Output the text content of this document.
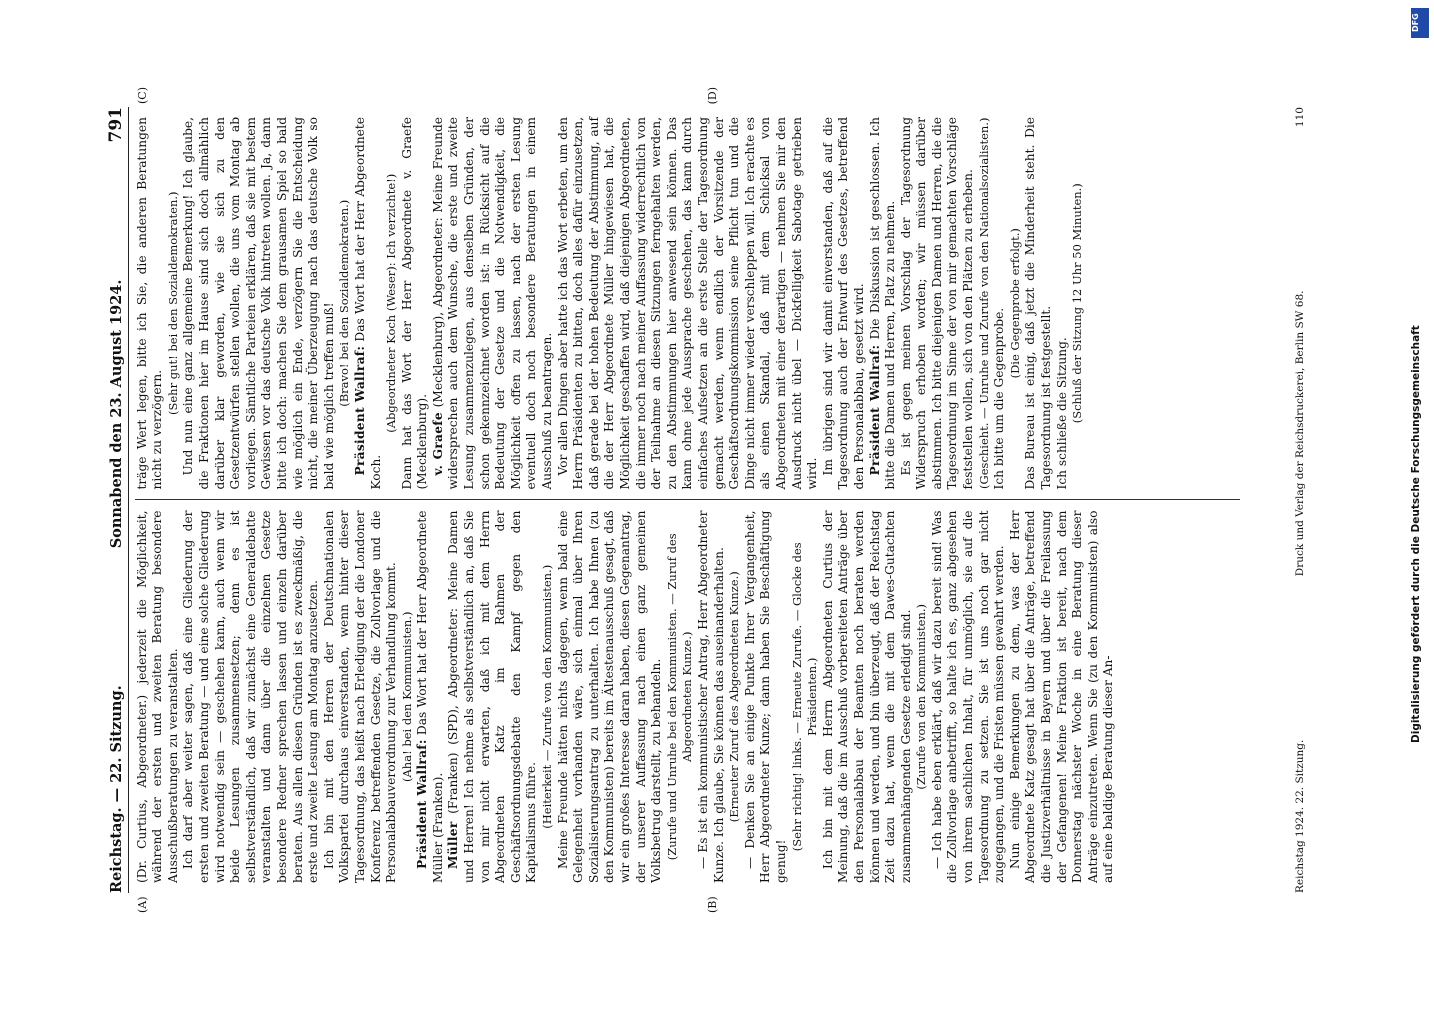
Reichstag. — 22. Sitzung.
Sonnabend den 23. August 1924.
791

(Dr. Curtius, Abgeordneter.) jederzeit die Möglichkeit, während der ersten und zweiten Beratung besondere Ausschußberatungen zu veranstalten. Ich darf aber weiter sagen, daß eine Gliederung der ersten und zweiten Beratung — und eine solche Gliederung wird notwendig sein — geschehen kann, auch wenn wir beide Lesungen zusammensetzen; denn es ist selbstverständlich, daß wir zunächst eine Generaldebatte veranstalten und dann über die einzelnen Gesetze besondere Redner sprechen lassen und einzeln darüber beraten. Aus allen diesen Gründen ist es zweckmäßig, die erste und zweite Lesung am Montag anzusetzen. Ich bin mit den Herren der Deutschnationalen Volkspartei durchaus einverstanden, wenn hinter dieser Tagesordnung, das heißt nach Erledigung der die Londoner Konferenz betreffenden Gesetze, die Zollvorlage und die Personalabbauverordnung zur Verhandlung kommt. (Aha! bei den Kommunisten.)

Präsident Wallraf: Das Wort hat der Herr Abgeordnete Müller (Franken). Müller (Franken) (SPD), Abgeordneter: Meine Damen und Herren! Ich nehme als selbstverständlich an, daß Sie von mir nicht erwarten, daß ich mit dem Herrn Abgeordneten Katz im Rahmen der Geschäftsordnungsdebatte den Kampf gegen den Kapitalismus führe. (Heiterkeit — Zurufe von den Kommunisten.) Meine Freunde hätten nichts dagegen, wenn bald eine Gelegenheit vorhanden wäre, sich einmal über Ihren Sozialisierungsantrag zu unterhalten. Ich habe Ihnen (zu den Kommunisten) bereits im Ältestenausschuß gesagt, daß wir ein großes Interesse daran haben, diesen Gegenantrag, der unserer Auffassung nach einen ganz gemeinen Volksbetrug darstellt, zu behandeln. (Zurufe und Unruhe bei den Kommunisten. — Zuruf des Abgeordneten Kunze.) — Es ist ein kommunistischer Antrag, Herr Abgeordneter Kunze. Ich glaube, Sie können das auseinanderhalten. (Erneuter Zuruf des Abgeordneten Kunze.) — Denken Sie an einige Punkte Ihrer Vergangenheit, Herr Abgeordneter Kunze; dann haben Sie Beschäftigung genug!

(Sehr richtig! links. — Erneute Zurufe. — Glocke des Präsidenten.) Ich bin mit dem Herrn Abgeordneten Curtius der Meinung, daß die im Ausschuß vorbereiteten Anträge über den Personalabbau der Beamten noch beraten werden können und werden, und bin überzeugt, daß der Reichstag Zeit dazu hat, wenn die mit dem Dawes-Gutachten zusammenhängenden Gesetze erledigt sind. (Zurufe von den Kommunisten.) — Ich habe eben erklärt, daß wir dazu bereit sind! Was die Zollvorlage anbetrifft, so halte ich es, ganz abgesehen von ihrem sachlichen Inhalt, für unmöglich, sie auf die Tagesordnung zu setzen. Sie ist uns noch gar nicht zugegangen, und die Fristen müssen gewahrt werden. Nun einige Bemerkungen zu dem, was der Herr Abgeordnete Katz gesagt hat über die Anträge, betreffend die Justizverhältnisse in Bayern und über die Freilassung der Gefangenen! Meine Fraktion ist bereit, nach dem Donnerstag nächster Woche in eine Beratung dieser Anträge einzutreten. Wenn Sie (zu den Kommunisten) also auf eine baldige Beratung dieser An-

träge Wert legen, bitte ich Sie, die anderen Beratungen nicht zu verzögern.

(Sehr gut! bei den Sozialdemokraten.) Und nun eine ganz allgemeine Bemerkung! Ich glaube, die Fraktionen hier im Hause sind sich doch allmählich darüber klar geworden, wie sie sich zu den Gesetzentwürfen stellen wollen, die uns vom Montag ab vorliegen. Sämtliche Parteien erklären, daß sie mit bestem Gewissen vor das deutsche Volk hintreten wollen. Ja, dann bitte ich doch: machen Sie dem grausamen Spiel so bald wie möglich ein Ende, verzögern Sie die Entscheidung nicht, die meiner Überzeugung nach das deutsche Volk so bald wie möglich treffen muß! (Bravo! bei den Sozialdemokraten.)

Präsident Wallraf: Das Wort hat der Herr Abgeordnete Koch.

(Abgeordneter Koch (Weser): Ich verzichte!) Dann hat das Wort der Herr Abgeordnete v. Graefe (Mecklenburg). v. Graefe (Mecklenburg), Abgeordneter: Meine Freunde widersprechen auch dem Wunsche, die erste und zweite Lesung zusammenzulegen, aus denselben Gründen, der schon gekennzeichnet worden ist: in Rücksicht auf die Bedeutung der Gesetze und die Notwendigkeit, die Möglichkeit offen zu lassen, nach der ersten Lesung eventuell doch noch besondere Beratungen in einem Ausschuß zu beantragen. Vor allen Dingen aber hatte ich das Wort erbeten, um den Herrn Präsidenten zu bitten, doch alles dafür einzusetzen, daß gerade bei der hohen Bedeutung der Abstimmung, auf die der Herr Abgeordnete Müller hingewiesen hat, die Möglichkeit geschaffen wird, daß diejenigen Abgeordneten, die immer noch nach meiner Auffassung widerrechtlich von der Teilnahme an diesen Sitzungen ferngehalten werden, zu den Abstimmungen hier anwesend sein können. Das kann ohne jede Aussprache geschehen, das kann durch einfaches Aufsetzen an die erste Stelle der Tagesordnung gemacht werden, wenn endlich der Vorsitzende der Geschäftsordnungskommission seine Pflicht tun und die Dinge nicht immer wieder verschleppen will. Ich erachte es als einen Skandal, daß mit dem Schicksal von Abgeordneten mit einer derartigen — nehmen Sie mir den Ausdruck nicht übel — Dickfelligkeit Sabotage getrieben wird. Im übrigen sind wir damit einverstanden, daß auf die Tagesordnung auch der Entwurf des Gesetzes, betreffend den Personalabbau, gesetzt wird. Präsident Wallraf: Die Diskussion ist geschlossen. Ich bitte die Damen und Herren, Platz zu nehmen. Es ist gegen meinen Vorschlag der Tagesordnung Widerspruch erhoben worden; wir müssen darüber abstimmen. Ich bitte diejenigen Damen und Herren, die die Tagesordnung im Sinne der von mir gemachten Vorschläge feststellen wollen, sich von den Plätzen zu erheben. (Geschieht. — Unruhe und Zurufe von den Nationalsozialisten.) Ich bitte um die Gegenprobe.

(Die Gegenprobe erfolgt.) Das Bureau ist einig, daß jetzt die Minderheit steht. Die Tagesordnung ist festgestellt. Ich schließe die Sitzung. (Schluß der Sitzung 12 Uhr 50 Minuten.)

(A)	(B)
(C)	(D)
Reichstag 1924. 22. Sitzung.
Druck und Verlag der Reichsdruckerei, Berlin SW 68.
110
DFG
Digitalisierung gefördert durch die Deutsche Forschungsgemeinschaft
